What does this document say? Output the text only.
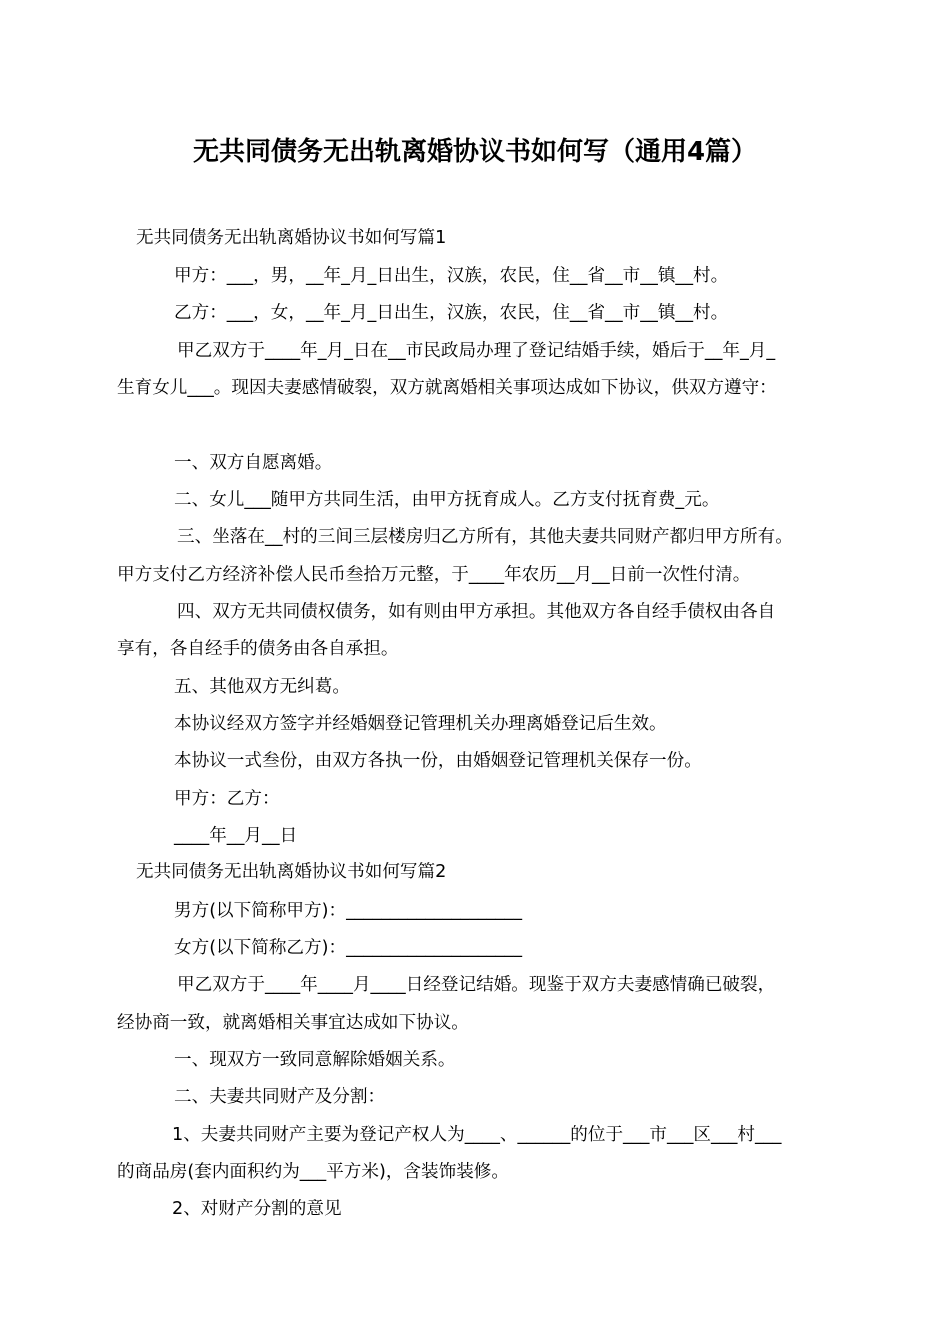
无共同债务无出轨离婚协议书如何写（通用4篇）
无共同债务无出轨离婚协议书如何写篇1
甲方：___，男，__年_月_日出生，汉族，农民，住__省__市__镇__村。
乙方：___，女，__年_月_日出生，汉族，农民，住__省__市__镇__村。
甲乙双方于____年_月_日在__市民政局办理了登记结婚手续，婚后于__年_月_
生育女儿___。现因夫妻感情破裂，双方就离婚相关事项达成如下协议，供双方遵守：
一、双方自愿离婚。
二、女儿___随甲方共同生活，由甲方抚育成人。乙方支付抚育费_元。
三、坐落在__村的三间三层楼房归乙方所有，其他夫妻共同财产都归甲方所有。
甲方支付乙方经济补偿人民币叁拾万元整，于____年农历__月__日前一次性付清。
四、双方无共同债权债务，如有则由甲方承担。其他双方各自经手债权由各自
享有，各自经手的债务由各自承担。
五、其他双方无纠葛。
本协议经双方签字并经婚姻登记管理机关办理离婚登记后生效。
本协议一式叁份，由双方各执一份，由婚姻登记管理机关保存一份。
甲方：乙方：
____年__月__日
无共同债务无出轨离婚协议书如何写篇2
男方(以下简称甲方)：____________________
女方(以下简称乙方)：____________________
甲乙双方于____年____月____日经登记结婚。现鉴于双方夫妻感情确已破裂，
经协商一致，就离婚相关事宜达成如下协议。
一、现双方一致同意解除婚姻关系。
二、夫妻共同财产及分割：
1、夫妻共同财产主要为登记产权人为____、______的位于___市___区___村___
的商品房(套内面积约为___平方米)，含装饰装修。
2、对财产分割的意见
